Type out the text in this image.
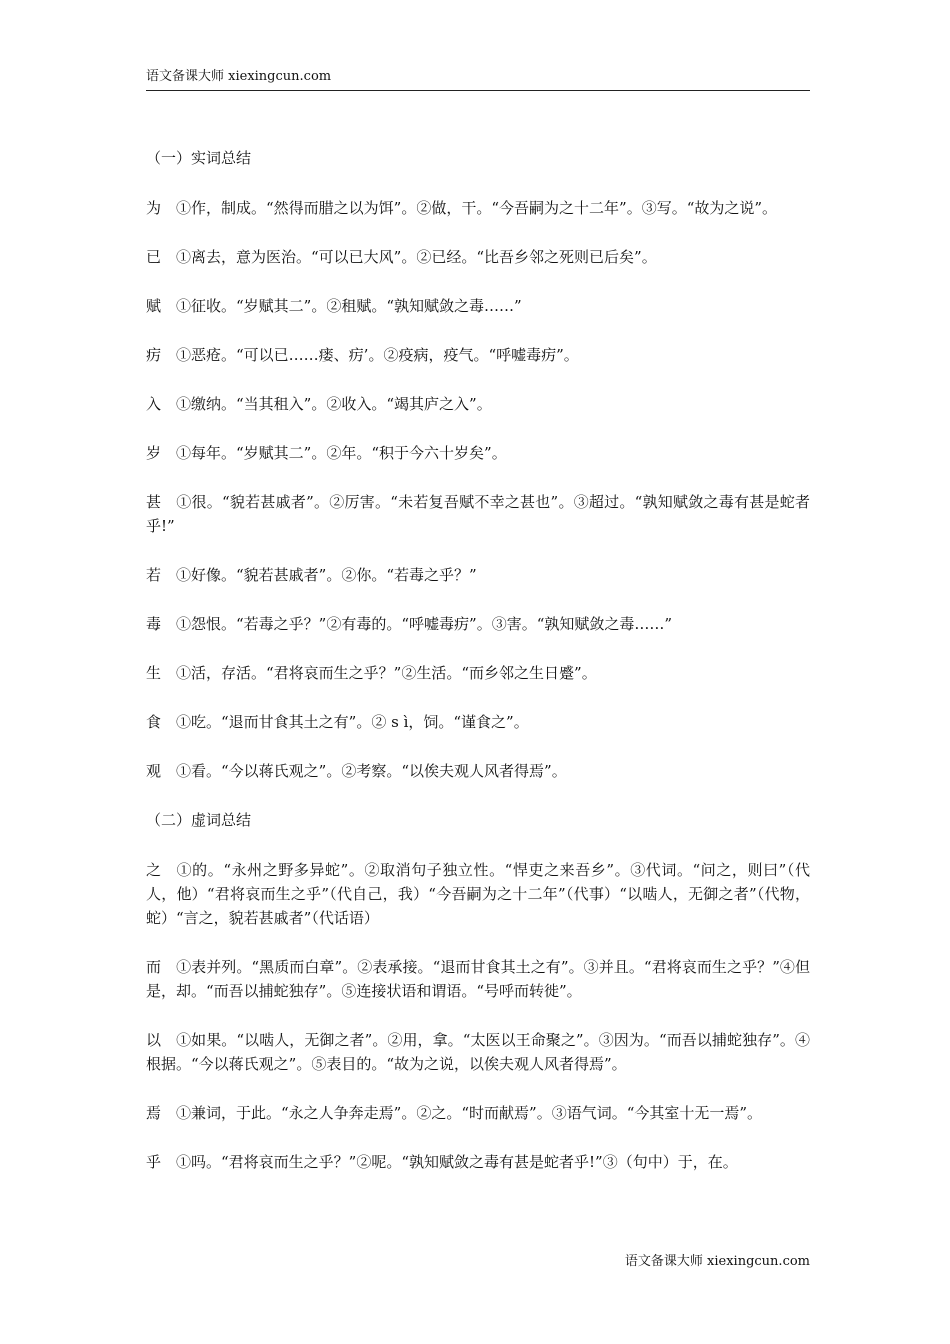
语文备课大师 xiexingcun.com
（一）实词总结
为 ①作，制成。“然得而腊之以为饵”。②做，干。“今吾嗣为之十二年”。③写。“故为之说”。
已 ①离去，意为医治。“可以已大风”。②已经。“比吾乡邻之死则已后矣”。
赋 ①征收。“岁赋其二”。②租赋。“孰知赋敛之毒……”
疠 ①恶疮。“可以已……瘘、疠’。②疫病，疫气。“呼嘘毒疠”。
入 ①缴纳。“当其租入”。②收入。“竭其庐之入”。
岁 ①每年。“岁赋其二”。②年。“积于今六十岁矣”。
甚 ①很。“貌若甚戚者”。②厉害。“未若复吾赋不幸之甚也”。③超过。“孰知赋敛之毒有甚是蛇者乎!”
若 ①好像。“貌若甚戚者”。②你。“若毒之乎？”
毒 ①怨恨。“若毒之乎？”②有毒的。“呼嘘毒疠”。③害。“孰知赋敛之毒……”
生 ①活，存活。“君将哀而生之乎？”②生活。“而乡邻之生日蹙”。
食 ①吃。“退而甘食其土之有”。② s ì，饲。“谨食之”。
观 ①看。“今以蒋氏观之”。②考察。“以俟夫观人风者得焉”。
（二）虚词总结
之 ①的。“永州之野多异蛇”。②取消句子独立性。“悍吏之来吾乡”。③代词。“问之，则曰”（代人，他）“君将哀而生之乎”（代自己，我）“今吾嗣为之十二年”（代事）“以啮人，无御之者”（代物，蛇）“言之，貌若甚戚者”（代话语）
而 ①表并列。“黑质而白章”。②表承接。“退而甘食其土之有”。③并且。“君将哀而生之乎？”④但是，却。“而吾以捕蛇独存”。⑤连接状语和谓语。“号呼而转徙”。
以 ①如果。“以啮人，无御之者”。②用，拿。“太医以王命聚之”。③因为。“而吾以捕蛇独存”。④根据。“今以蒋氏观之”。⑤表目的。“故为之说，以俟夫观人风者得焉”。
焉 ①兼词，于此。“永之人争奔走焉”。②之。“时而献焉”。③语气词。“今其室十无一焉”。
乎 ①吗。“君将哀而生之乎？”②呢。“孰知赋敛之毒有甚是蛇者乎!”③（句中）于，在。
语文备课大师 xiexingcun.com
